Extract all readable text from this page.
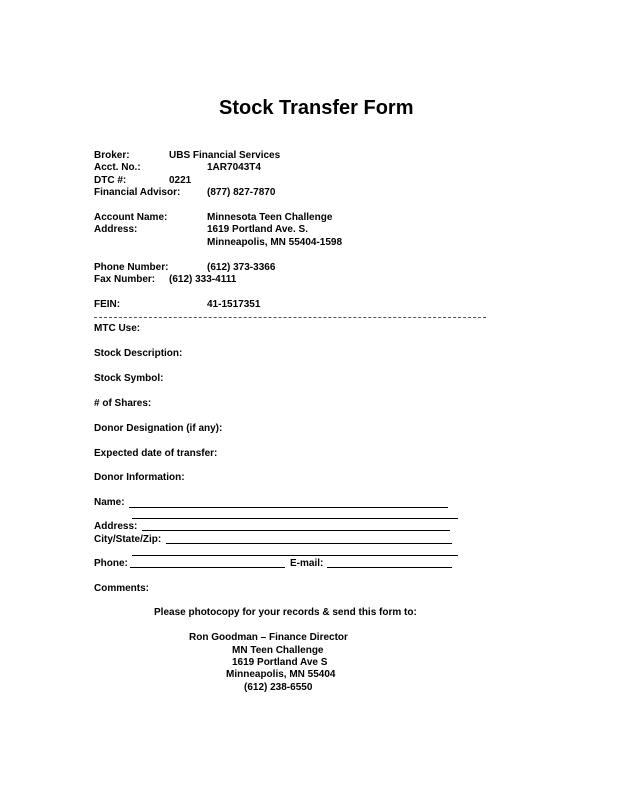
Stock Transfer Form
Broker:	UBS Financial Services
Acct. No.:	1AR7043T4
DTC #:	0221
Financial Advisor:	(877) 827-7870
Account Name:	Minnesota Teen Challenge
Address:	1619 Portland Ave. S.
Minneapolis, MN 55404-1598
Phone Number:	(612) 373-3366
Fax Number: (612) 333-4111
FEIN:	41-1517351
MTC Use:
Stock Description:
Stock Symbol:
# of Shares:
Donor Designation (if any):
Expected date of transfer:
Donor Information:
Name:
Address:
City/State/Zip:
Phone:	E-mail:
Comments:
Please photocopy for your records & send this form to:
Ron Goodman – Finance Director
MN Teen Challenge
1619 Portland Ave S
Minneapolis, MN 55404
(612) 238-6550
